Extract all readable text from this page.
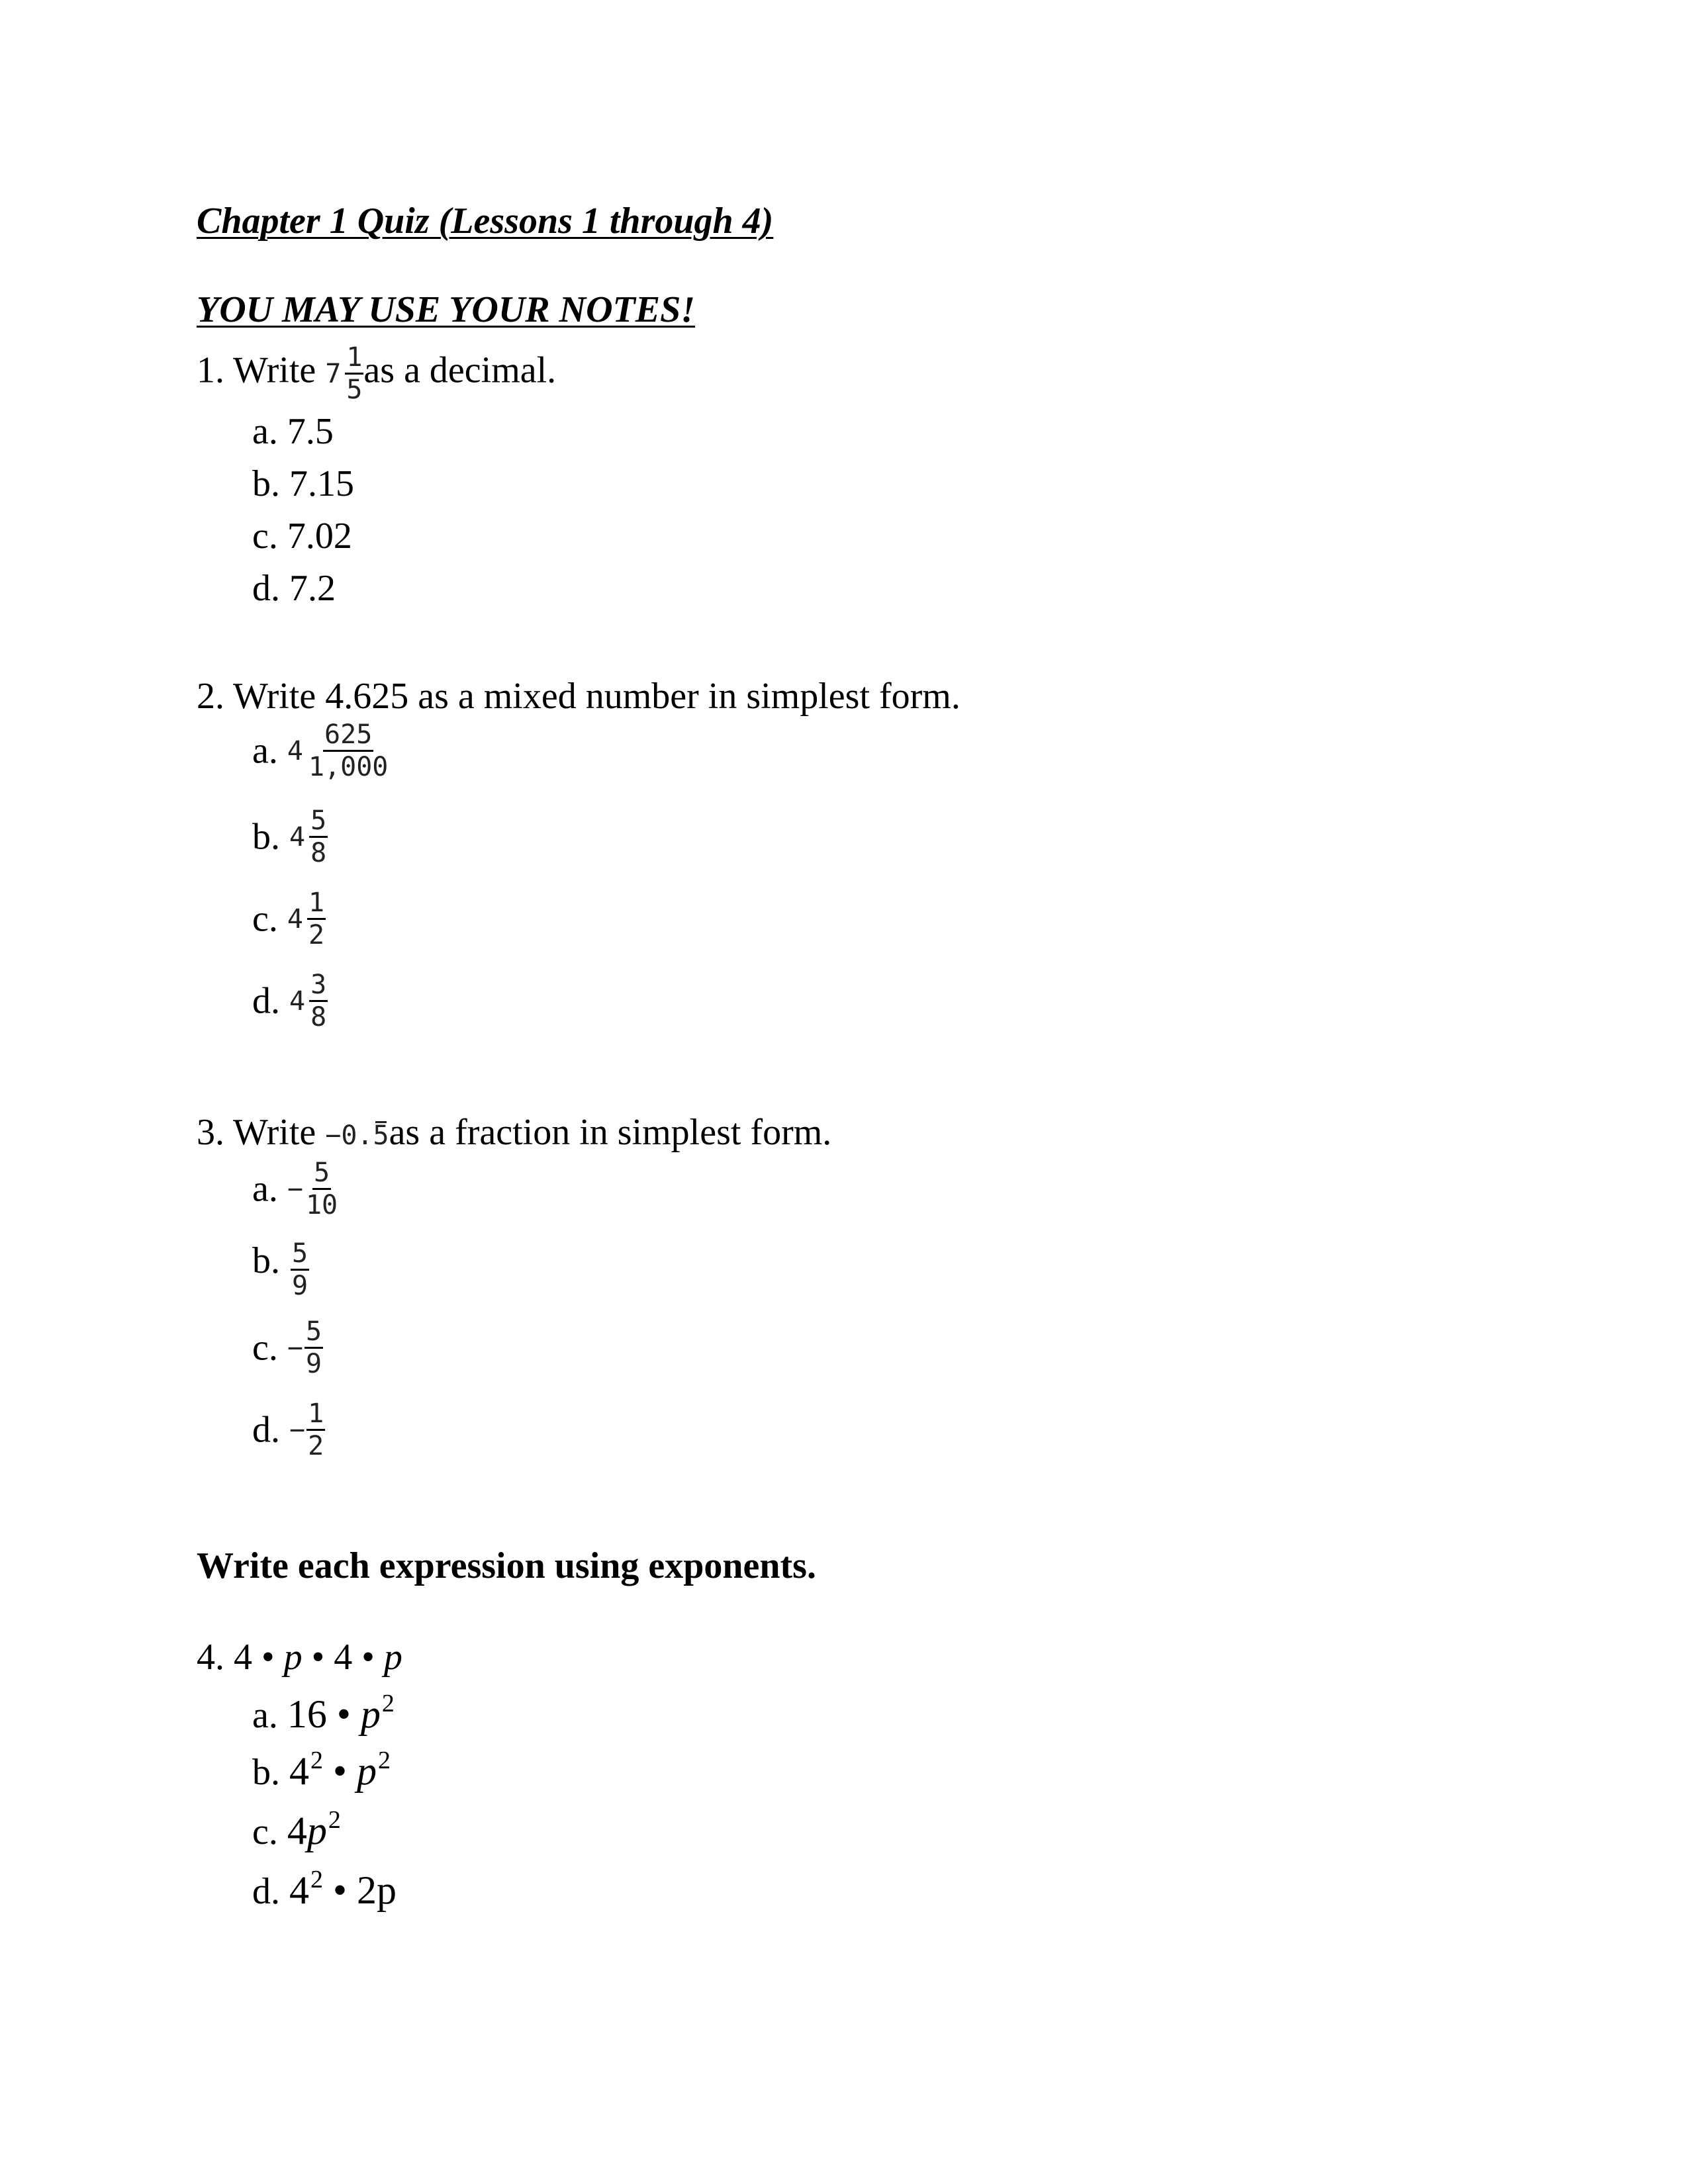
Chapter 1 Quiz (Lessons 1 through 4)
YOU MAY USE YOUR NOTES!
1. Write $7 \frac{1}{5}$ as a decimal.
a. 7.5
b. 7.15
c. 7.02
d. 7.2
2. Write 4.625 as a mixed number in simplest form.
a. $4 \frac{625}{1,000}$
b. $4 \frac{5}{8}$
c. $4 \frac{1}{2}$
d. $4 \frac{3}{8}$
3. Write −0. 5 as a fraction in simplest form.
a. − $\frac{5}{10}$
b. $\frac{5}{9}$
c. − $\frac{5}{9}$
d. − $\frac{1}{2}$
Write each expression using exponents.
4. 4 • p • 4 • p
a. 16 • $p^2$
b. $4^2$ • $p^2$
c. $4p^2$
d. $4^2$ • 2p
